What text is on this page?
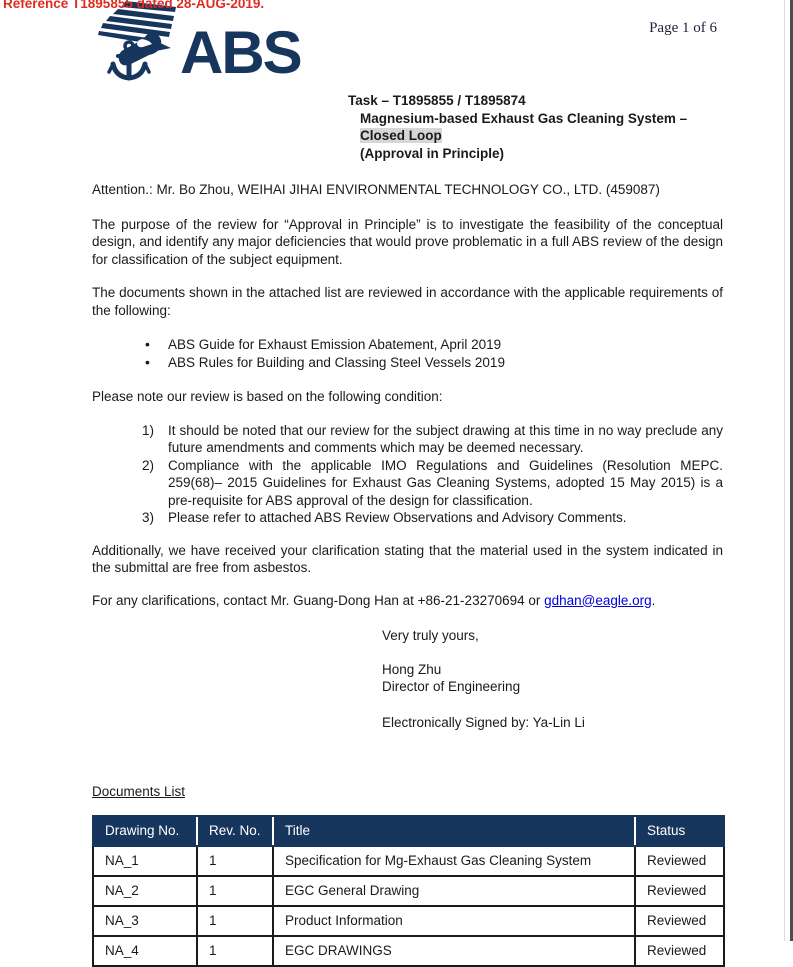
Reference T1895855 dated 28-AUG-2019.
ABS	Page 1 of 6
Task – T1895855 / T1895874
Magnesium-based Exhaust Gas Cleaning System –
Closed Loop
(Approval in Principle)

Attention.: Mr. Bo Zhou, WEIHAI JIHAI ENVIRONMENTAL TECHNOLOGY CO., LTD. (459087)

The purpose of the review for “Approval in Principle” is to investigate the feasibility of the conceptual design, and identify any major deficiencies that would prove problematic in a full ABS review of the design for classification of the subject equipment.

The documents shown in the attached list are reviewed in accordance with the applicable requirements of the following:

• ABS Guide for Exhaust Emission Abatement, April 2019
• ABS Rules for Building and Classing Steel Vessels 2019

Please note our review is based on the following condition:

1) It should be noted that our review for the subject drawing at this time in no way preclude any future amendments and comments which may be deemed necessary.
2) Compliance with the applicable IMO Regulations and Guidelines (Resolution MEPC. 259(68)– 2015 Guidelines for Exhaust Gas Cleaning Systems, adopted 15 May 2015) is a pre-requisite for ABS approval of the design for classification.
3) Please refer to attached ABS Review Observations and Advisory Comments.

Additionally, we have received your clarification stating that the material used in the system indicated in the submittal are free from asbestos.

For any clarifications, contact Mr. Guang-Dong Han at +86-21-23270694 or gdhan@eagle.org.

Very truly yours,
Hong Zhu
Director of Engineering
Electronically Signed by: Ya-Lin Li
Documents List
Drawing No.	Rev. No.	Title	Status
NA_1	1	Specification for Mg-Exhaust Gas Cleaning System	Reviewed
NA_2	1	EGC General Drawing	Reviewed
NA_3	1	Product Information	Reviewed
NA_4	1	EGC DRAWINGS	Reviewed
